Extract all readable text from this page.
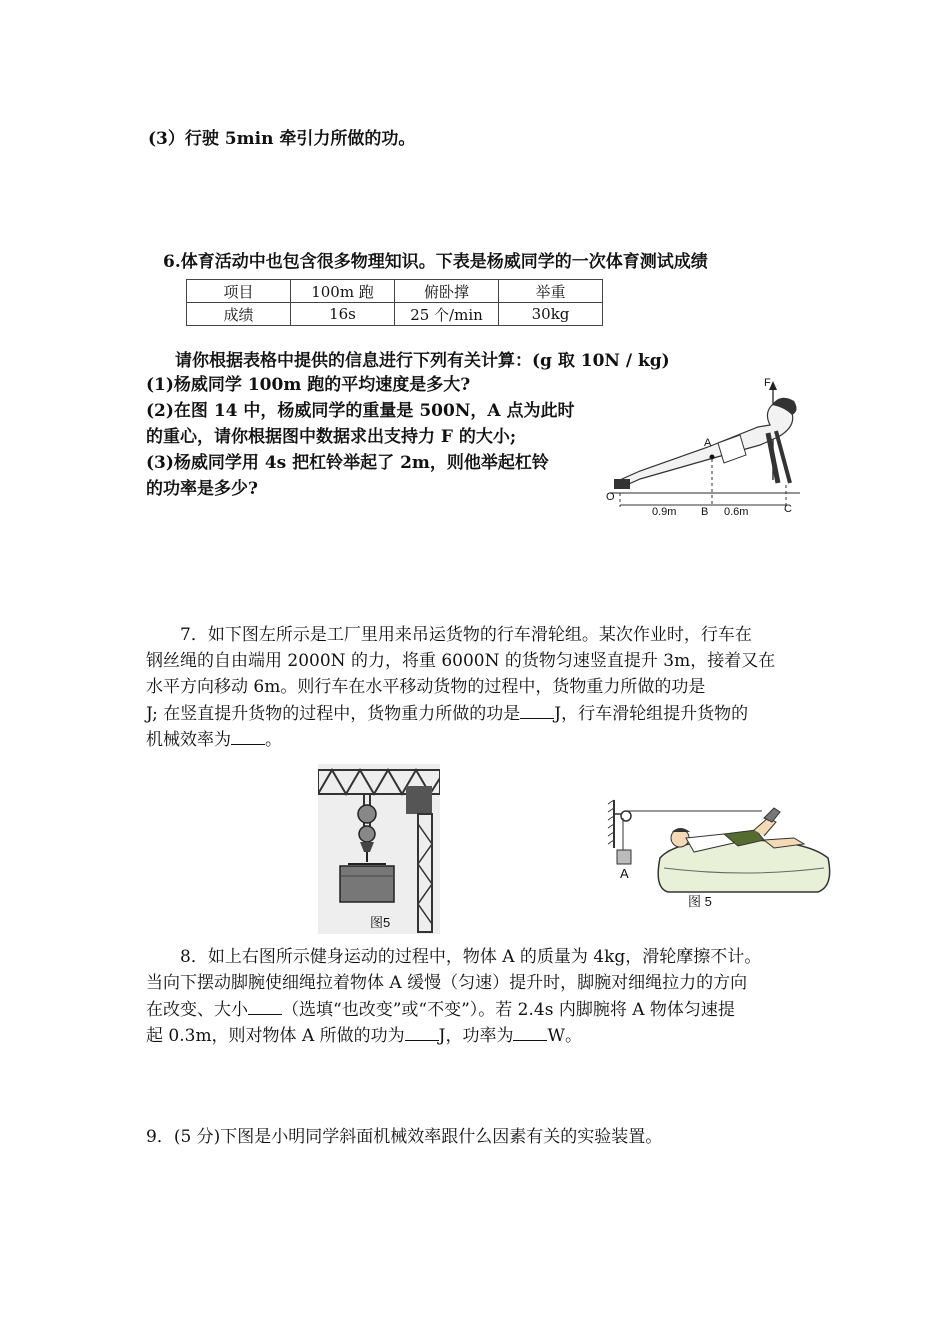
(3）行驶 5min 牵引力所做的功。
6.体育活动中也包含很多物理知识。下表是杨威同学的一次体育测试成绩
项目	100m 跑	俯卧撑	举重
成绩	16s	25 个/min	30kg
请你根据表格中提供的信息进行下列有关计算：(g 取 10N / kg)
(1)杨威同学 100m 跑的平均速度是多大?
(2)在图 14 中，杨威同学的重量是 500N，A 点为此时
的重心，请你根据图中数据求出支持力 F 的大小;
(3)杨威同学用 4s 把杠铃举起了 2m，则他举起杠铃
的功率是多少?
F
A
O
0.9m B 0.6m	C
7．如下图左所示是工厂里用来吊运货物的行车滑轮组。某次作业时，行车在
钢丝绳的自由端用 2000N 的力，将重 6000N 的货物匀速竖直提升 3m，接着又在
水平方向移动 6m。则行车在水平移动货物的过程中，货物重力所做的功是
J; 在竖直提升货物的过程中，货物重力所做的功是 J，行车滑轮组提升货物的
机械效率为 。
图5
A
图 5
8．如上右图所示健身运动的过程中，物体 A 的质量为 4kg，滑轮摩擦不计。
当向下摆动脚腕使细绳拉着物体 A 缓慢（匀速）提升时，脚腕对细绳拉力的方向
在改变、大小 （选填“也改变”或“不变”）。若 2.4s 内脚腕将 A 物体匀速提
起 0.3m，则对物体 A 所做的功为 J，功率为 W。
9．(5 分)下图是小明同学斜面机械效率跟什么因素有关的实验装置。
